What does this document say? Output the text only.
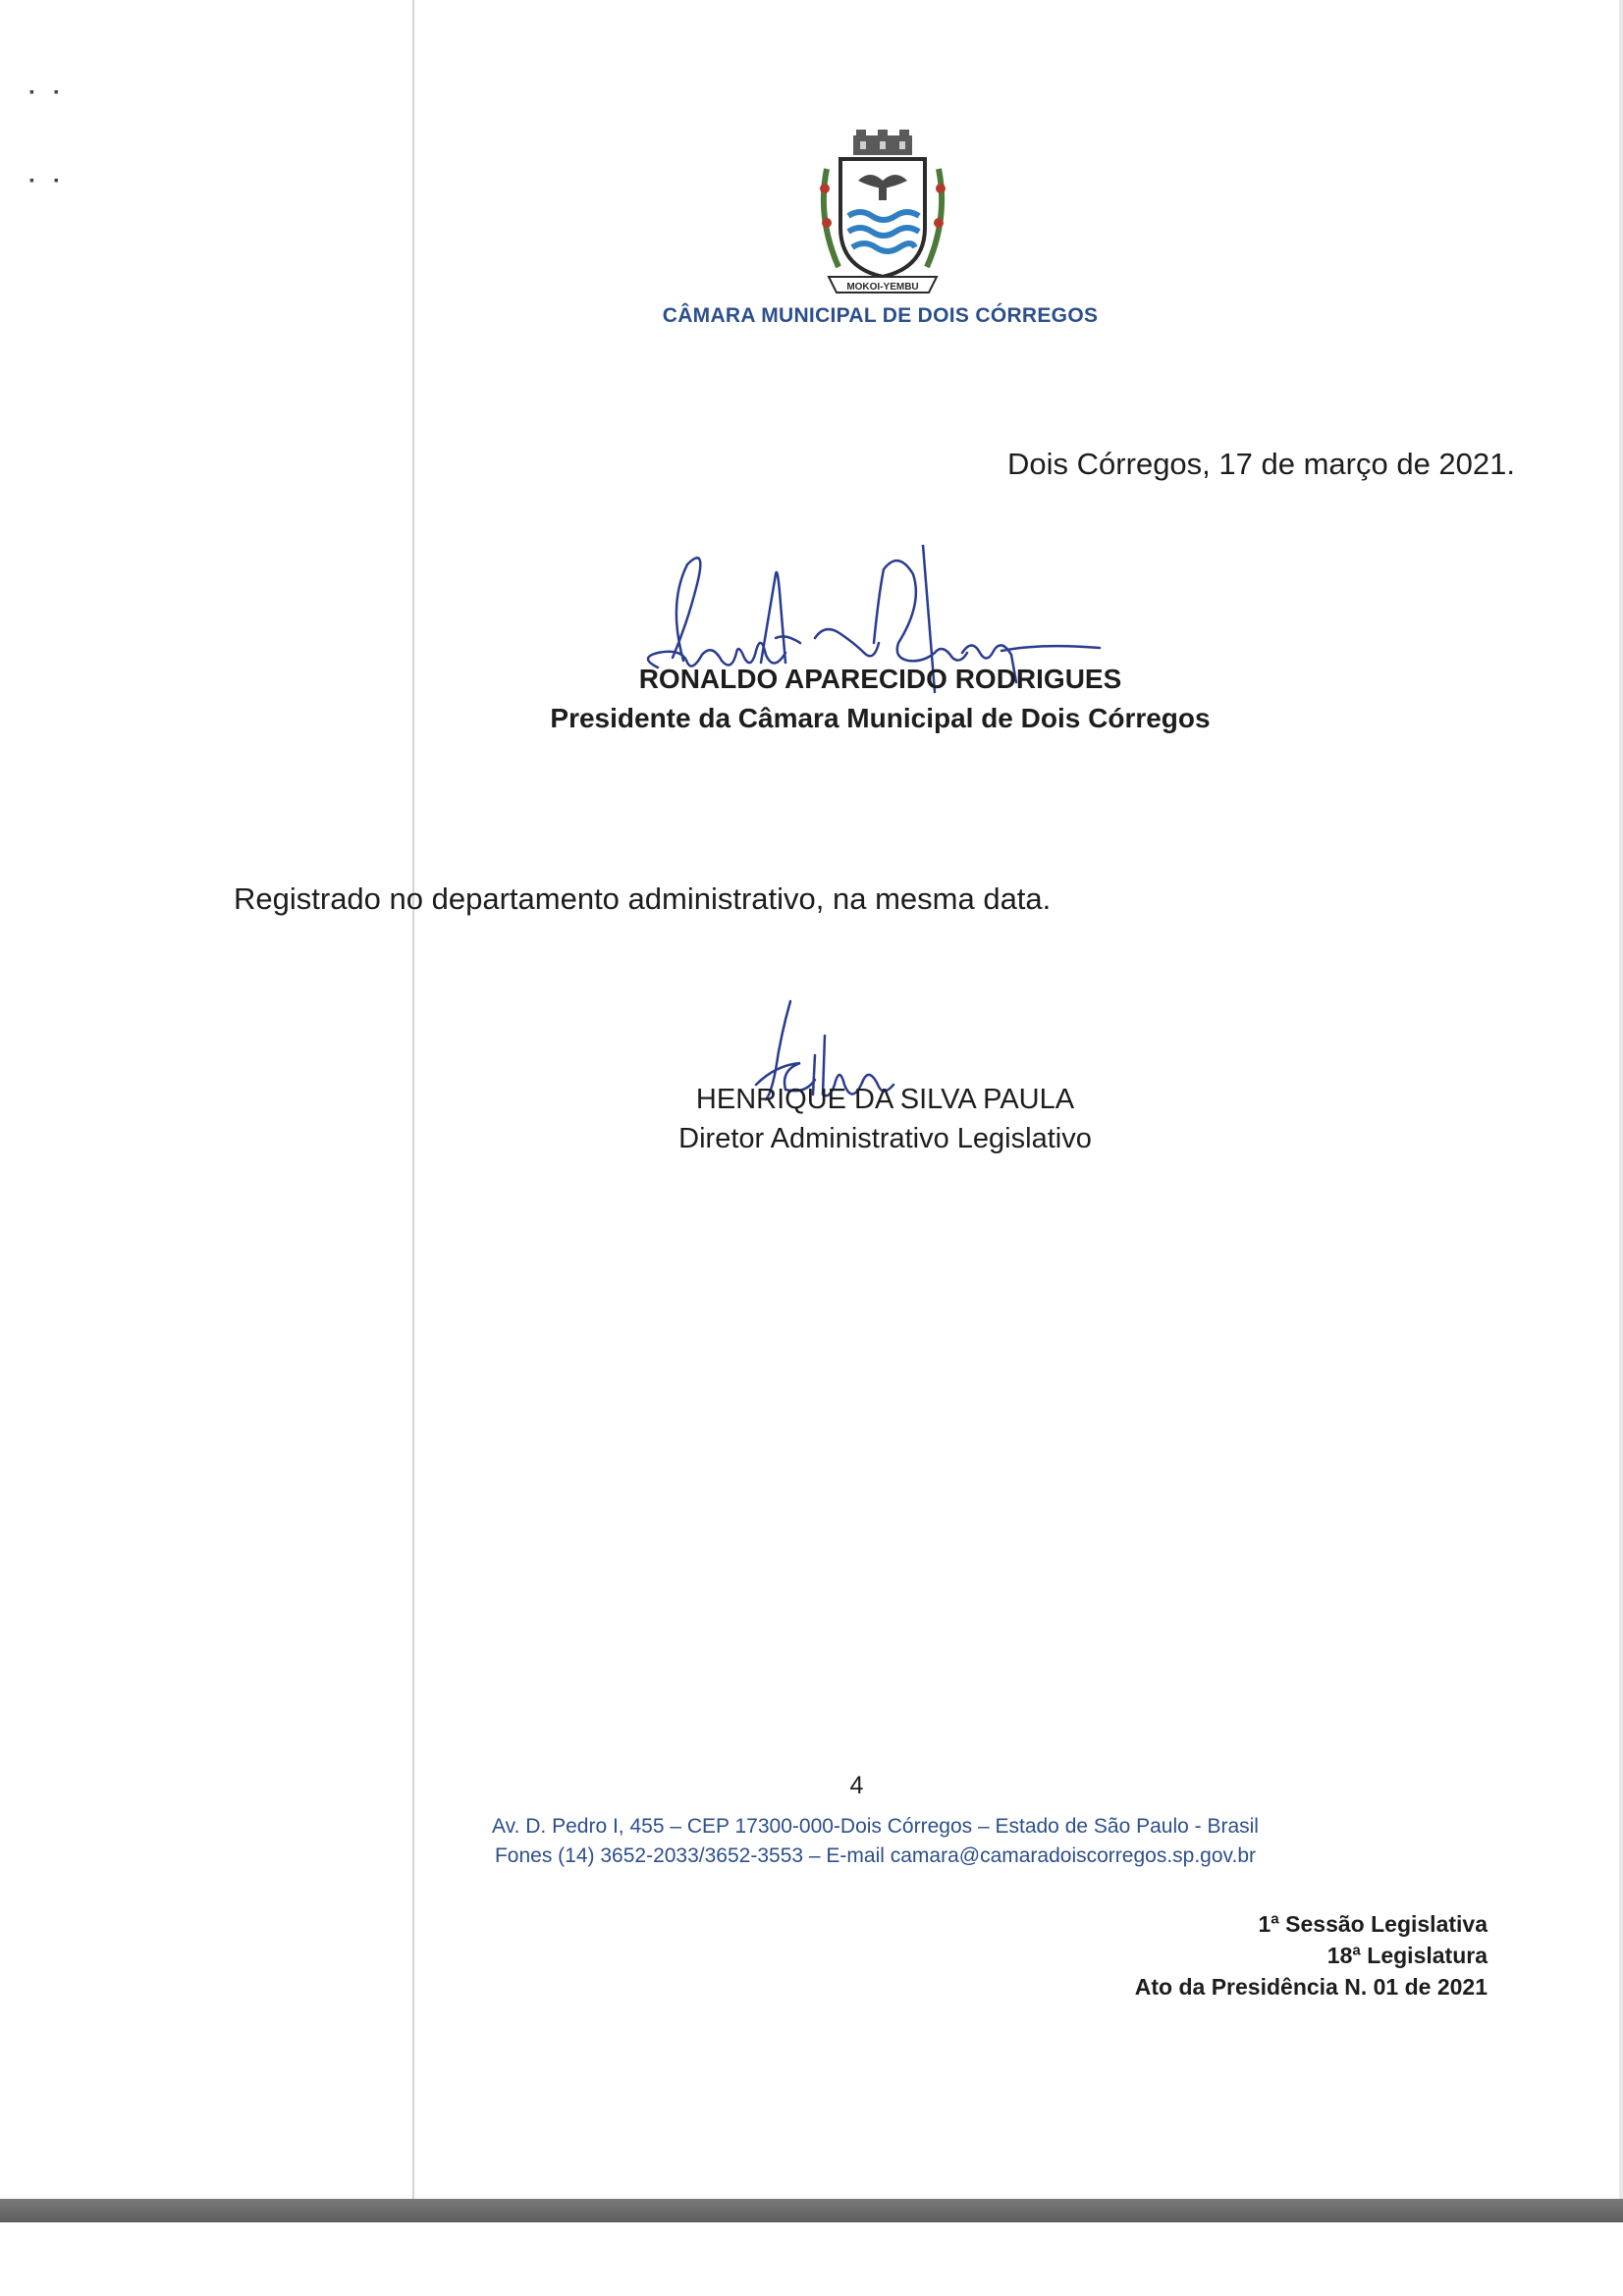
▪ ▪
▪ ▪
MOKOI-YEMBU
CÂMARA MUNICIPAL DE DOIS CÓRREGOS
Dois Córregos, 17 de março de 2021.
RONALDO APARECIDO RODRIGUES
Presidente da Câmara Municipal de Dois Córregos
Registrado no departamento administrativo, na mesma data.
HENRIQUE DA SILVA PAULA
Diretor Administrativo Legislativo
4
Av. D. Pedro I, 455 – CEP 17300-000-Dois Córregos – Estado de São Paulo - Brasil
Fones (14) 3652-2033/3652-3553 – E-mail camara@camaradoiscorregos.sp.gov.br
1ª Sessão Legislativa
18ª Legislatura
Ato da Presidência N. 01 de 2021
